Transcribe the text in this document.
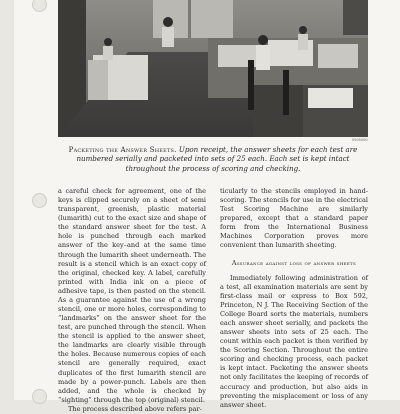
0505000
Packeting the Answer Sheets. Upon receipt, the answer sheets for each test are numbered serially and packeted into sets of 25 each. Each set is kept intact throughout the process of scoring and checking.

a careful check for agreement, one of the keys is clipped securely on a sheet of semi transparent, greenish, plastic material (lumarith) cut to the exact size and shape of the standard answer sheet for the test. A hole is punched through each marked answer of the key–and at the same time through the lumarith sheet underneath. The result is a stencil which is an exact copy of the original, checked key. A label, carefully printed with India ink on a piece of adhesive tape, is then pasted on the stencil. As a guarantee against the use of a wrong stencil, one or more holes, corresponding to “landmarks” on the answer sheet for the test, are punched through the stencil. When the stencil is applied to the answer sheet, the landmarks are clearly visible through the holes. Because numerous copies of each stencil are generally required, exact duplicates of the first lumarith stencil are made by a power-punch. Labels are then added, and the whole is checked by “sighting” through the top (original) stencil.

The process described above refers par-

ticularly to the stencils employed in hand-scoring. The stencils for use in the electrical Test Scoring Machine are similarly prepared, except that a standard paper form from the International Business Machines Corporation proves more convenient than lumarith sheeting.

Assurance against loss of answer sheets

Immediately following administration of a test, all examination materials are sent by first-class mail or express to Box 592, Princeton, N J. The Receiving Section of the College Board sorts the materials, numbers each answer sheet serially, and packets the answer sheets into sets of 25 each. The count within each packet is then verified by the Scoring Section. Throughout the entire scoring and checking process, each packet is kept intact. Packeting the answer sheets not only facilitates the keeping of records of accuracy and production, but also aids in preventing the misplacement or loss of any answer sheet.
